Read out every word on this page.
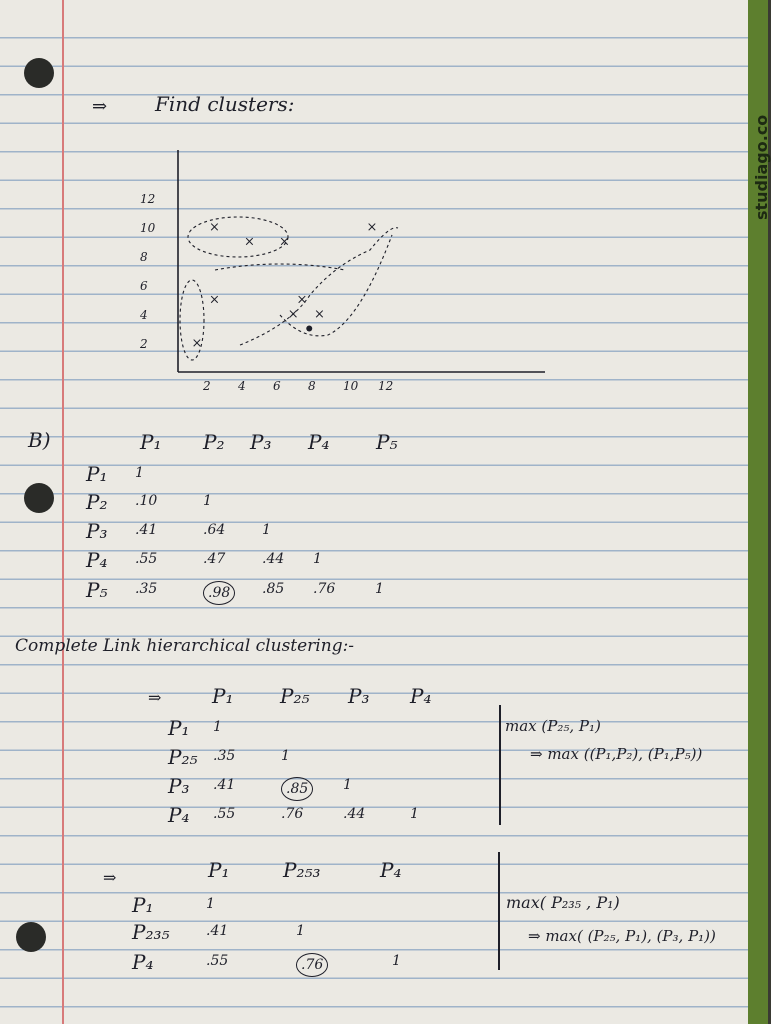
studiago.co
⇒ Find clusters:
12
10
8
6
4
2
2 4 6 8 10 12
×
×
×
× ×
×
× ×
×
B)	P₁ P₂ P₃ P₄ P₅
P₁ 1
P₂ .10	1
P₃ .41	.64	1
P₄ .55	.47	.44 1
P₅ .35	.98	.85 .76	1
Complete Link hierarchical clustering:-
⇒	P₁ P₂₅ P₃ P₄
P₁ 1
P₂₅ .35	1
P₃ .41	.85	1
P₄ .55	.76	.44	1
max (P₂₅, P₁)
⇒ max ((P₁,P₂), (P₁,P₅))
⇒	P₁	P₂₅₃	P₄
P₁	1
P₂₃₅	.41	1
P₄	.55	.76	1
max( P₂₃₅ , P₁)
⇒ max( (P₂₅, P₁), (P₃, P₁))
